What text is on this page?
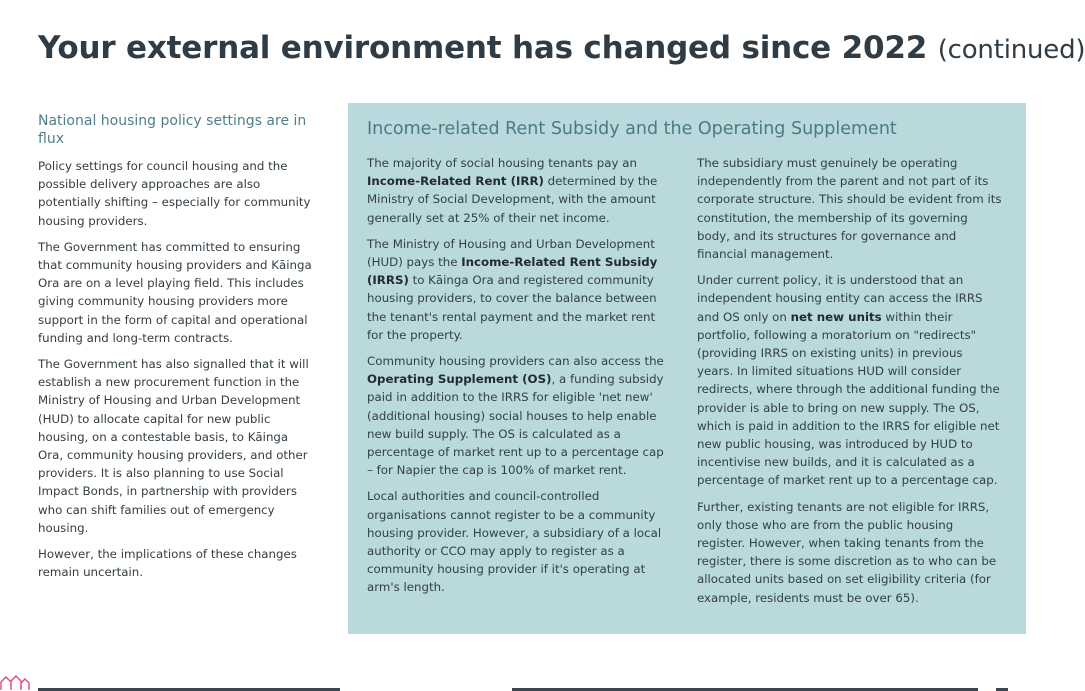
Your external environment has changed since 2022 (continued)
National housing policy settings are in flux

Policy settings for council housing and the possible delivery approaches are also potentially shifting – especially for community housing providers.

The Government has committed to ensuring that community housing providers and Kāinga Ora are on a level playing field. This includes giving community housing providers more support in the form of capital and operational funding and long-term contracts.

The Government has also signalled that it will establish a new procurement function in the Ministry of Housing and Urban Development (HUD) to allocate capital for new public housing, on a contestable basis, to Kāinga Ora, community housing providers, and other providers. It is also planning to use Social Impact Bonds, in partnership with providers who can shift families out of emergency housing.

However, the implications of these changes remain uncertain.

Income-related Rent Subsidy and the Operating Supplement

The majority of social housing tenants pay an Income-Related Rent (IRR) determined by the Ministry of Social Development, with the amount generally set at 25% of their net income.

The Ministry of Housing and Urban Development (HUD) pays the Income-Related Rent Subsidy (IRRS) to Kāinga Ora and registered community housing providers, to cover the balance between the tenant's rental payment and the market rent for the property.

Community housing providers can also access the Operating Supplement (OS), a funding subsidy paid in addition to the IRRS for eligible 'net new' (additional housing) social houses to help enable new build supply. The OS is calculated as a percentage of market rent up to a percentage cap – for Napier the cap is 100% of market rent.

Local authorities and council-controlled organisations cannot register to be a community housing provider. However, a subsidiary of a local authority or CCO may apply to register as a community housing provider if it's operating at arm's length.

The subsidiary must genuinely be operating independently from the parent and not part of its corporate structure. This should be evident from its constitution, the membership of its governing body, and its structures for governance and financial management.

Under current policy, it is understood that an independent housing entity can access the IRRS and OS only on net new units within their portfolio, following a moratorium on "redirects" (providing IRRS on existing units) in previous years. In limited situations HUD will consider redirects, where through the additional funding the provider is able to bring on new supply. The OS, which is paid in addition to the IRRS for eligible net new public housing, was introduced by HUD to incentivise new builds, and it is calculated as a percentage of market rent up to a percentage cap.

Further, existing tenants are not eligible for IRRS, only those who are from the public housing register. However, when taking tenants from the register, there is some discretion as to who can be allocated units based on set eligibility criteria (for example, residents must be over 65).
